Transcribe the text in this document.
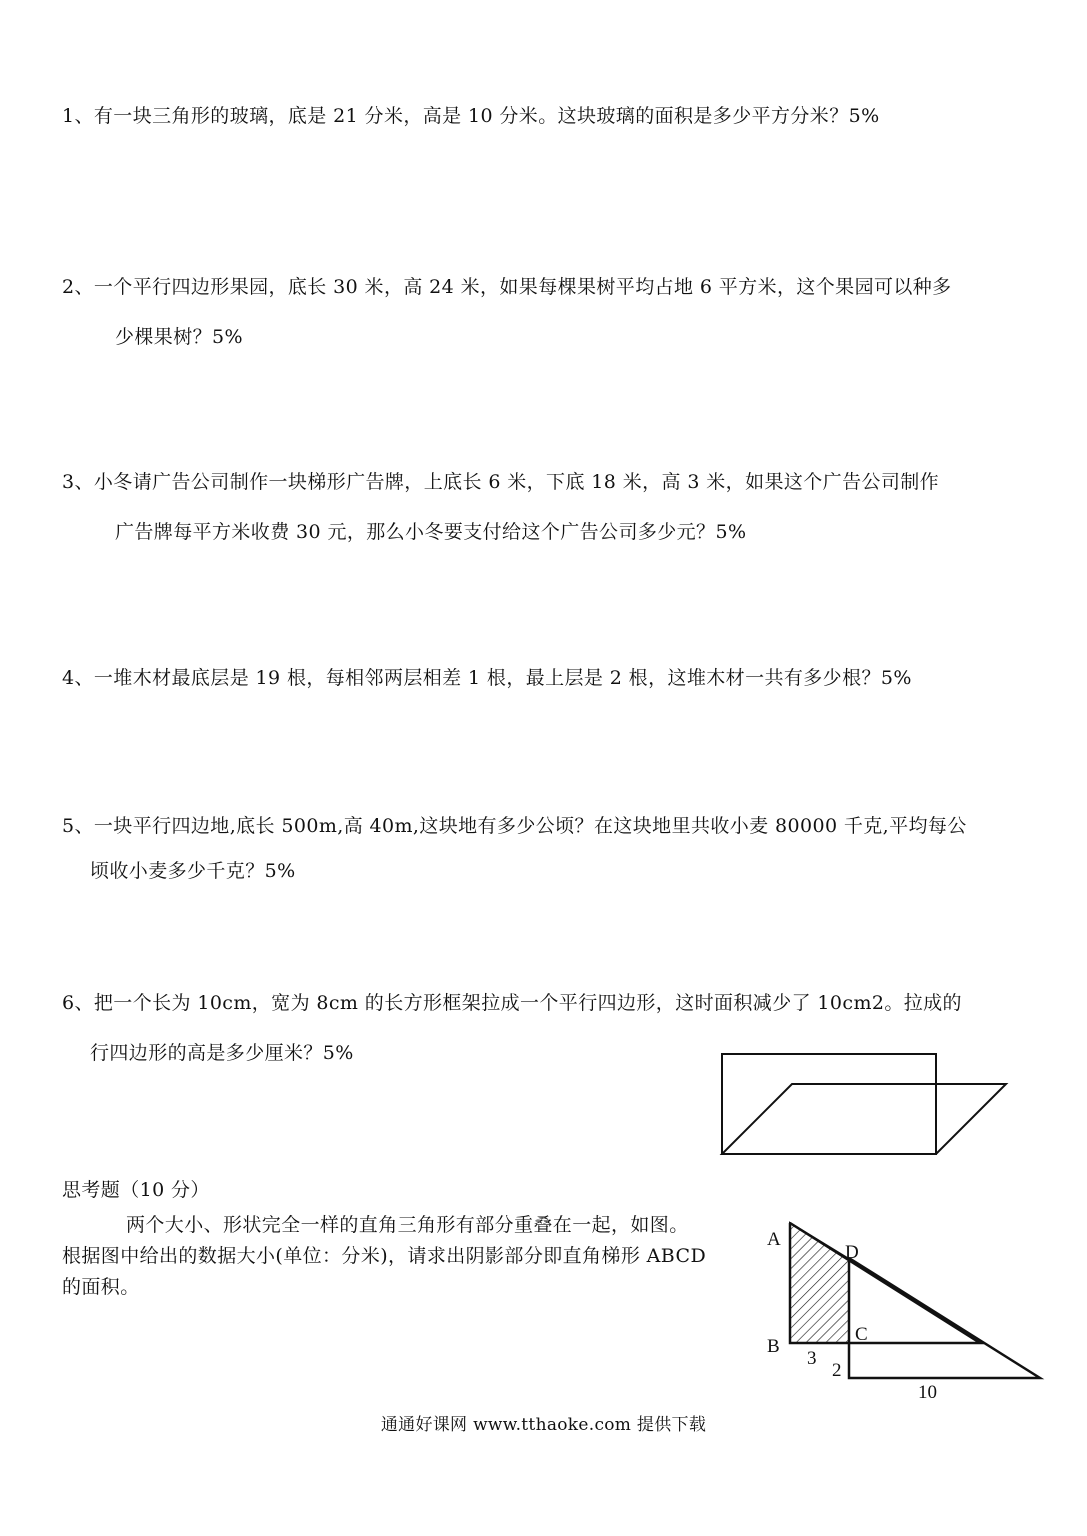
1、有一块三角形的玻璃，底是 21 分米，高是 10 分米。这块玻璃的面积是多少平方分米？5%
2、一个平行四边形果园，底长 30 米，高 24 米，如果每棵果树平均占地 6 平方米，这个果园可以种多
少棵果树？5%
3、小冬请广告公司制作一块梯形广告牌，上底长 6 米，下底 18 米，高 3 米，如果这个广告公司制作
广告牌每平方米收费 30 元，那么小冬要支付给这个广告公司多少元？5%
4、一堆木材最底层是 19 根，每相邻两层相差 1 根，最上层是 2 根，这堆木材一共有多少根？5%
5、一块平行四边地,底长 500m,高 40m,这块地有多少公顷？在这块地里共收小麦 80000 千克,平均每公
顷收小麦多少千克？5%
6、把一个长为 10cm，宽为 8cm 的长方形框架拉成一个平行四边形，这时面积减少了 10cm2。拉成的
行四边形的高是多少厘米？5%
思考题（10 分）
两个大小、形状完全一样的直角三角形有部分重叠在一起，如图。
根据图中给出的数据大小(单位：分米)，请求出阴影部分即直角梯形 ABCD
的面积。
A
D
B
C
3
2
10
通通好课网 www.tthaoke.com 提供下载
